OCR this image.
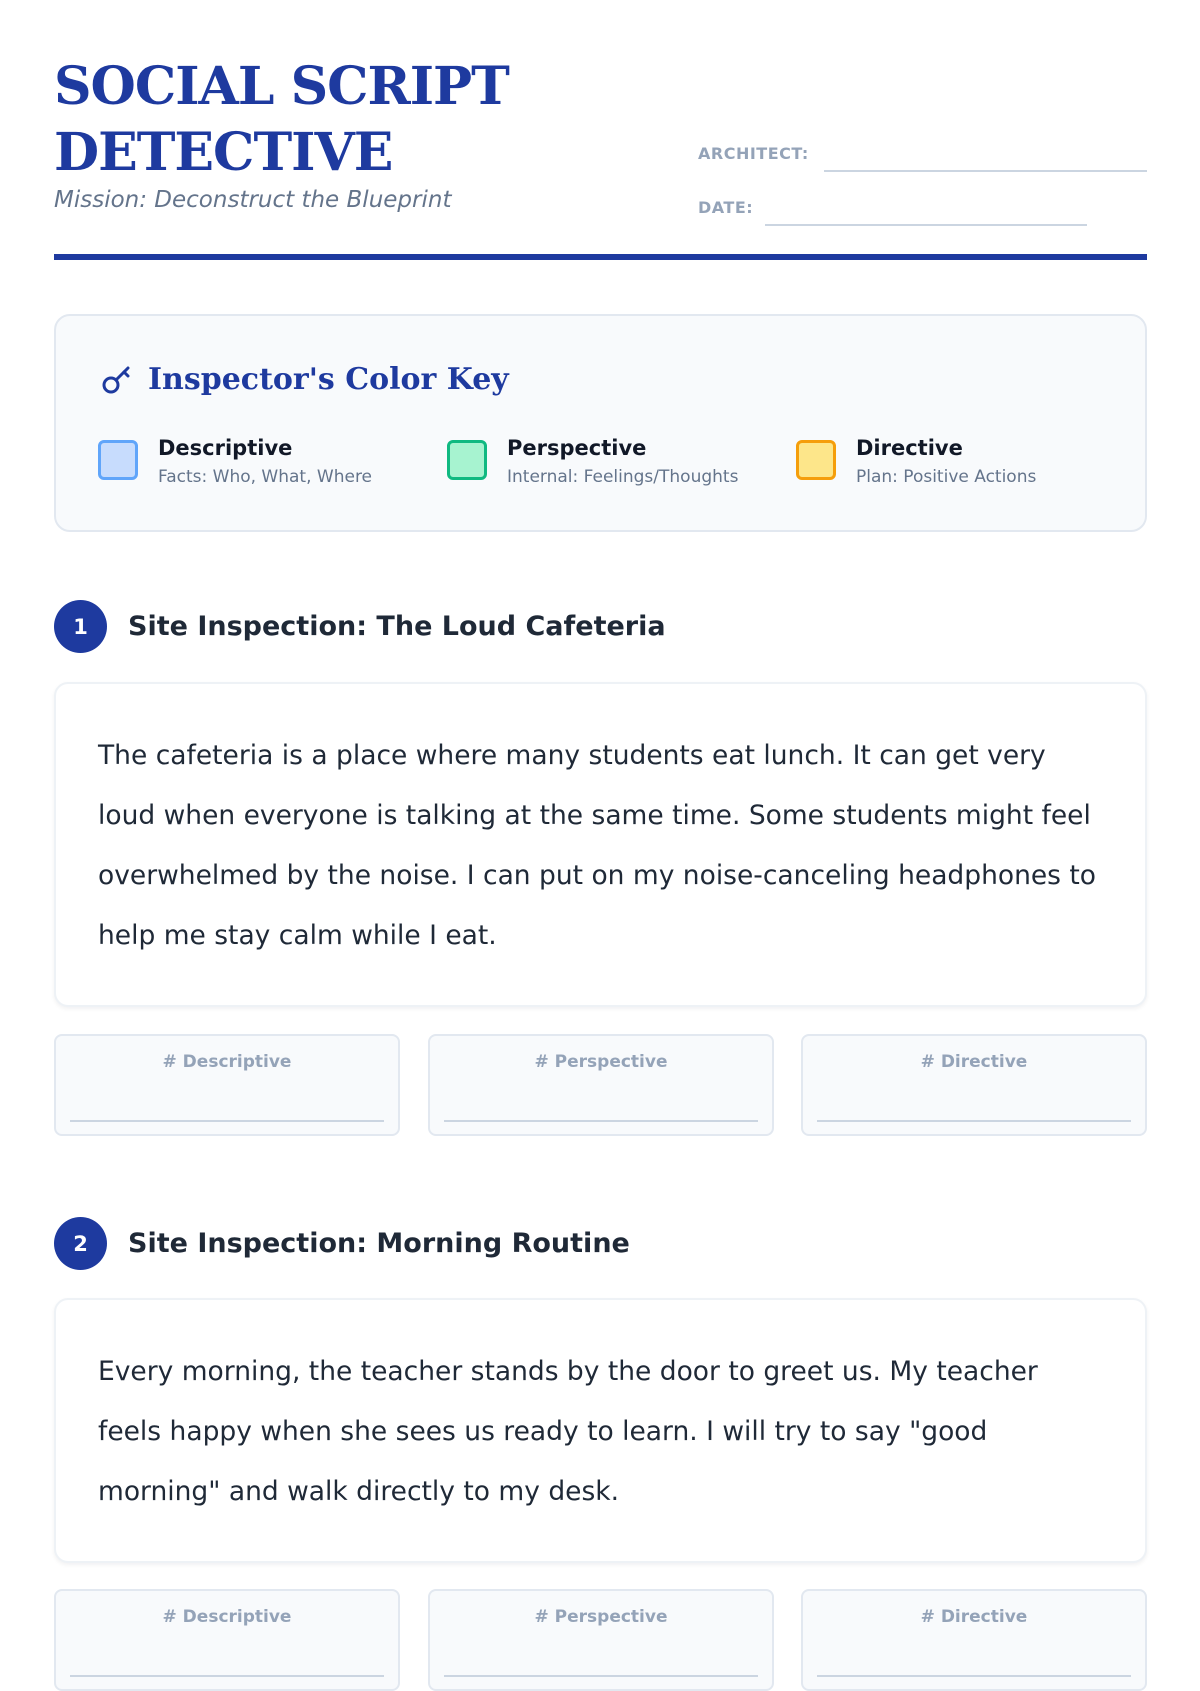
SOCIAL SCRIPT
DETECTIVE
Mission: Deconstruct the Blueprint
ARCHITECT:
DATE:
Inspector's Color Key
Descriptive
Facts: Who, What, Where
Perspective
Internal: Feelings/Thoughts
Directive
Plan: Positive Actions
1	Site Inspection: The Loud Cafeteria
The cafeteria is a place where many students eat lunch. It can get very loud when everyone is talking at the same time. Some students might feel overwhelmed by the noise. I can put on my noise-canceling headphones to help me stay calm while I eat.
# Descriptive	# Perspective	# Directive
2	Site Inspection: Morning Routine
Every morning, the teacher stands by the door to greet us. My teacher feels happy when she sees us ready to learn. I will try to say "good morning" and walk directly to my desk.
# Descriptive	# Perspective	# Directive
